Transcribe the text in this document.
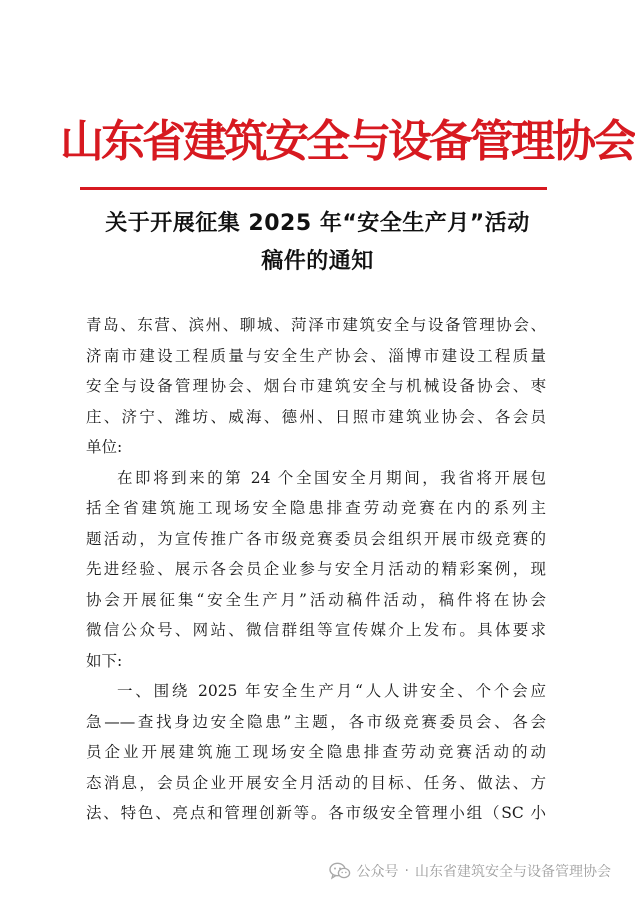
山东省建筑安全与设备管理协会
关于开展征集 2025 年“安全生产月”活动
稿件的通知
青岛、东营、滨州、聊城、菏泽市建筑安全与设备管理协会、
济南市建设工程质量与安全生产协会、淄博市建设工程质量
安全与设备管理协会、烟台市建筑安全与机械设备协会、枣
庄、济宁、潍坊、威海、德州、日照市建筑业协会、各会员
单位:
在即将到来的第 24 个全国安全月期间，我省将开展包
括全省建筑施工现场安全隐患排查劳动竞赛在内的系列主
题活动，为宣传推广各市级竞赛委员会组织开展市级竞赛的
先进经验、展示各会员企业参与安全月活动的精彩案例，现
协会开展征集“安全生产月”活动稿件活动，稿件将在协会
微信公众号、网站、微信群组等宣传媒介上发布。具体要求
如下:
一、围绕 2025 年安全生产月“人人讲安全、个个会应
急——查找身边安全隐患”主题，各市级竞赛委员会、各会
员企业开展建筑施工现场安全隐患排查劳动竞赛活动的动
态消息，会员企业开展安全月活动的目标、任务、做法、方
法、特色、亮点和管理创新等。各市级安全管理小组（SC 小
公众号 · 山东省建筑安全与设备管理协会
